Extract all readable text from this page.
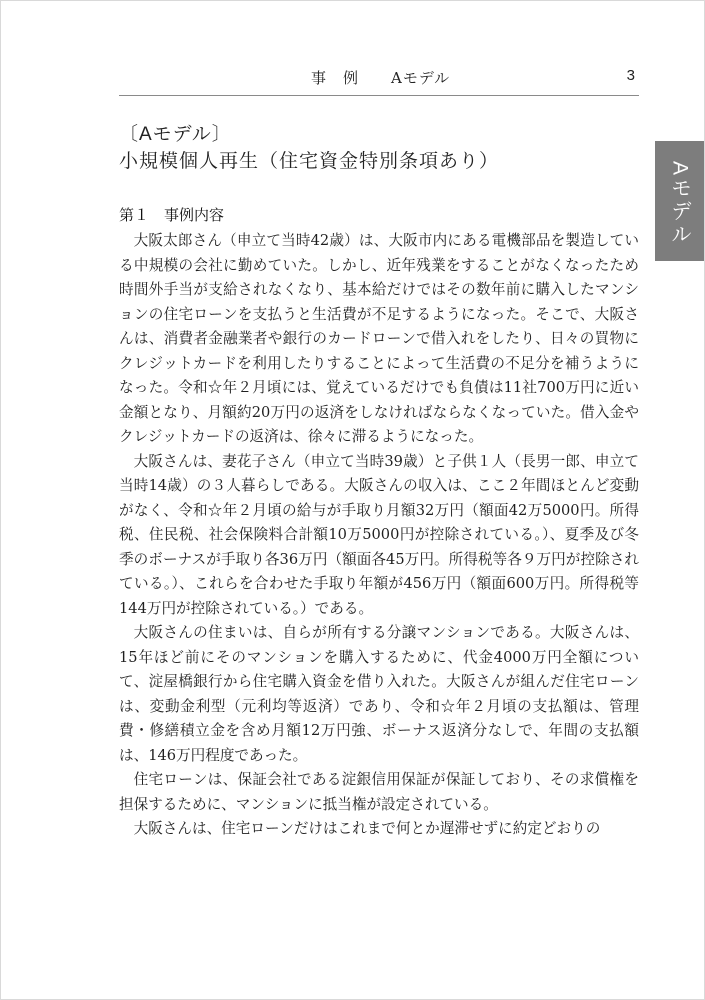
事　例　　Aモデル	3
Aモデル
〔Aモデル〕
小規模個人再生（住宅資金特別条項あり）
第１　事例内容

大阪太郎さん（申立て当時42歳）は、大阪市内にある電機部品を製造している中規模の会社に勤めていた。しかし、近年残業をすることがなくなったため時間外手当が支給されなくなり、基本給だけではその数年前に購入したマンションの住宅ローンを支払うと生活費が不足するようになった。そこで、大阪さんは、消費者金融業者や銀行のカードローンで借入れをしたり、日々の買物にクレジットカードを利用したりすることによって生活費の不足分を補うようになった。令和☆年２月頃には、覚えているだけでも負債は11社700万円に近い金額となり、月額約20万円の返済をしなければならなくなっていた。借入金やクレジットカードの返済は、徐々に滞るようになった。

大阪さんは、妻花子さん（申立て当時39歳）と子供１人（長男一郎、申立て当時14歳）の３人暮らしである。大阪さんの収入は、ここ２年間ほとんど変動がなく、令和☆年２月頃の給与が手取り月額32万円（額面42万5000円。所得税、住民税、社会保険料合計額10万5000円が控除されている。）、夏季及び冬季のボーナスが手取り各36万円（額面各45万円。所得税等各９万円が控除されている。）、これらを合わせた手取り年額が456万円（額面600万円。所得税等144万円が控除されている。）である。

大阪さんの住まいは、自らが所有する分譲マンションである。大阪さんは、15年ほど前にそのマンションを購入するために、代金4000万円全額について、淀屋橋銀行から住宅購入資金を借り入れた。大阪さんが組んだ住宅ローンは、変動金利型（元利均等返済）であり、令和☆年２月頃の支払額は、管理費・修繕積立金を含め月額12万円強、ボーナス返済分なしで、年間の支払額は、146万円程度であった。

住宅ローンは、保証会社である淀銀信用保証が保証しており、その求償権を担保するために、マンションに抵当権が設定されている。

大阪さんは、住宅ローンだけはこれまで何とか遅滞せずに約定どおりの
